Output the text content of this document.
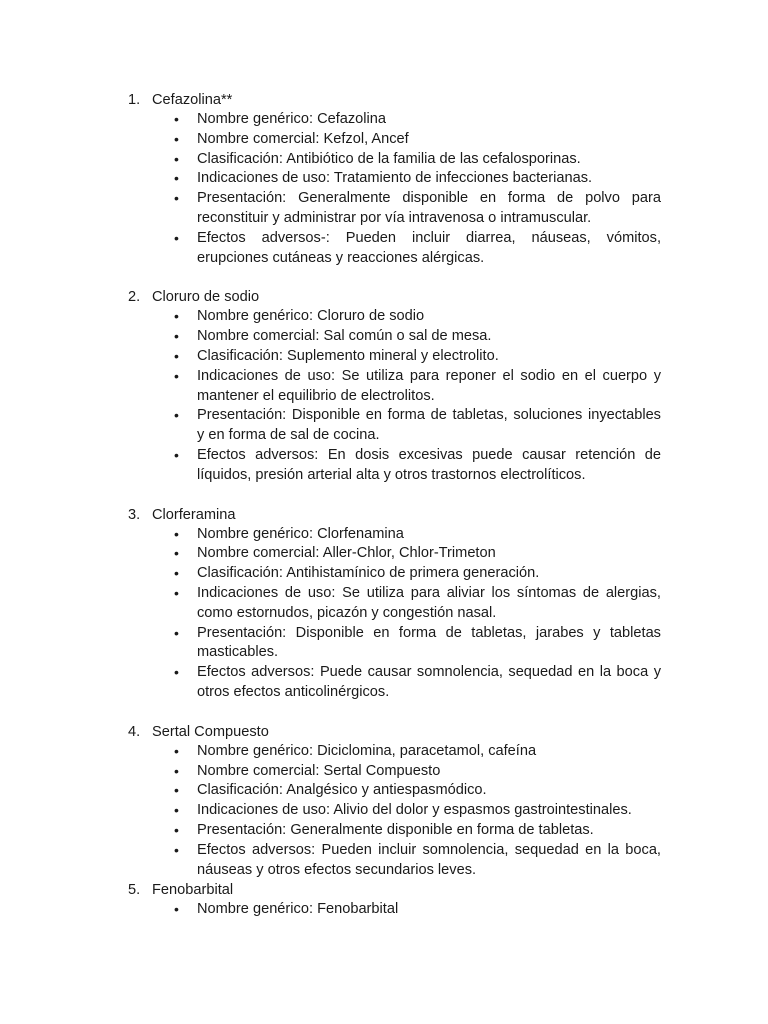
1. Cefazolina**
• Nombre genérico: Cefazolina
• Nombre comercial: Kefzol, Ancef
• Clasificación: Antibiótico de la familia de las cefalosporinas.
• Indicaciones de uso: Tratamiento de infecciones bacterianas.
• Presentación: Generalmente disponible en forma de polvo para reconstituir y administrar por vía intravenosa o intramuscular.
• Efectos adversos-: Pueden incluir diarrea, náuseas, vómitos, erupciones cutáneas y reacciones alérgicas.
2. Cloruro de sodio
• Nombre genérico: Cloruro de sodio
• Nombre comercial: Sal común o sal de mesa.
• Clasificación: Suplemento mineral y electrolito.
• Indicaciones de uso: Se utiliza para reponer el sodio en el cuerpo y mantener el equilibrio de electrolitos.
• Presentación: Disponible en forma de tabletas, soluciones inyectables y en forma de sal de cocina.
• Efectos adversos: En dosis excesivas puede causar retención de líquidos, presión arterial alta y otros trastornos electrolíticos.
3. Clorferamina
• Nombre genérico: Clorfenamina
• Nombre comercial: Aller-Chlor, Chlor-Trimeton
• Clasificación: Antihistamínico de primera generación.
• Indicaciones de uso: Se utiliza para aliviar los síntomas de alergias, como estornudos, picazón y congestión nasal.
• Presentación: Disponible en forma de tabletas, jarabes y tabletas masticables.
• Efectos adversos: Puede causar somnolencia, sequedad en la boca y otros efectos anticolinérgicos.
4. Sertal Compuesto
• Nombre genérico: Diciclomina, paracetamol, cafeína
• Nombre comercial: Sertal Compuesto
• Clasificación: Analgésico y antiespasmódico.
• Indicaciones de uso: Alivio del dolor y espasmos gastrointestinales.
• Presentación: Generalmente disponible en forma de tabletas.
• Efectos adversos: Pueden incluir somnolencia, sequedad en la boca, náuseas y otros efectos secundarios leves.
5. Fenobarbital
• Nombre genérico: Fenobarbital
